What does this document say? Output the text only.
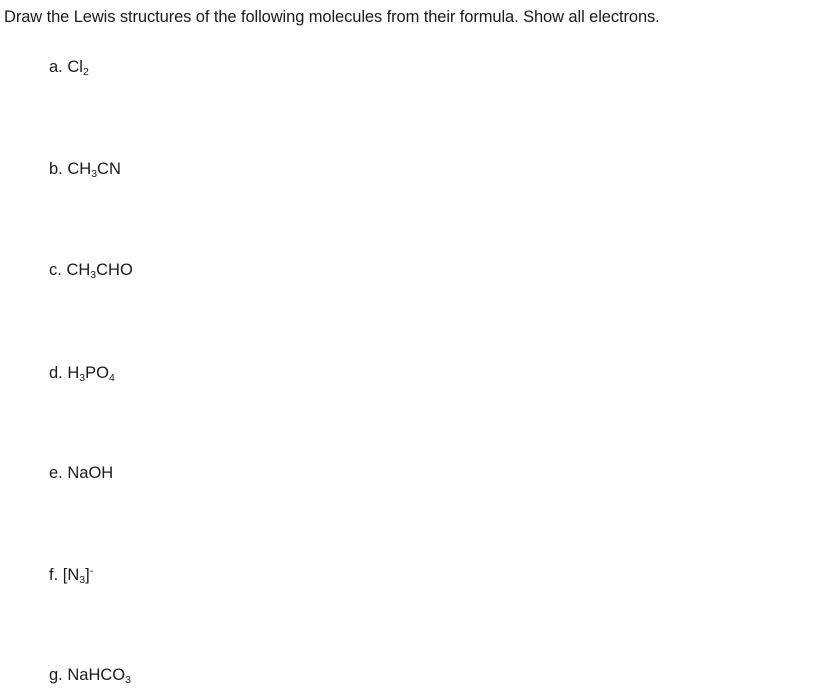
Draw the Lewis structures of the following molecules from their formula. Show all electrons.
a. $Cl_2$
b. $CH_3CN$
c. $CH_3CHO$
d. $H_3PO_4$
e. NaOH
f. $[N_3]^-$
g. NaHCO$_3$
